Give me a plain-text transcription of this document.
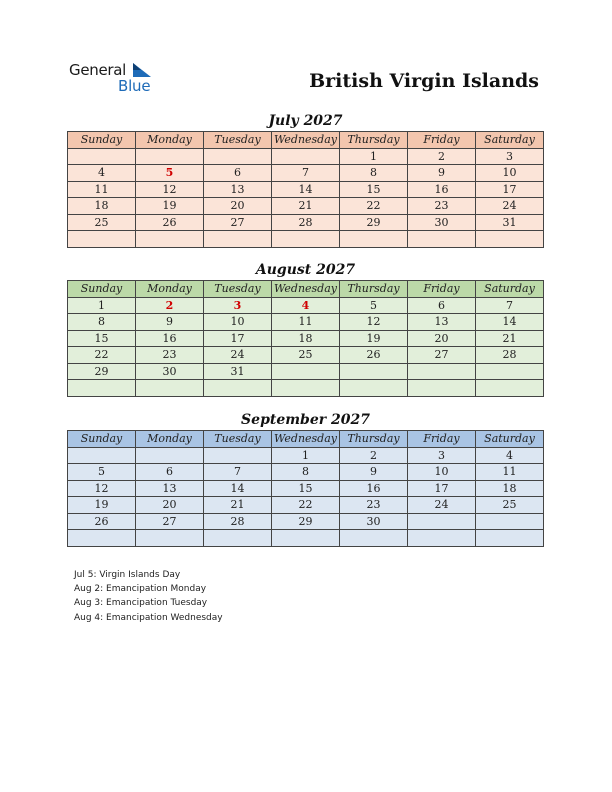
General
Blue	British Virgin Islands
July 2027
Sunday	Monday	Tuesday	Wednesday	Thursday	Friday	Saturday
				1	2	3
4	5	6	7	8	9	10
11	12	13	14	15	16	17
18	19	20	21	22	23	24
25	26	27	28	29	30	31

August 2027
Sunday	Monday	Tuesday	Wednesday	Thursday	Friday	Saturday
1	2	3	4	5	6	7
8	9	10	11	12	13	14
15	16	17	18	19	20	21
22	23	24	25	26	27	28
29	30	31				

September 2027
Sunday	Monday	Tuesday	Wednesday	Thursday	Friday	Saturday
			1	2	3	4
5	6	7	8	9	10	11
12	13	14	15	16	17	18
19	20	21	22	23	24	25
26	27	28	29	30		

Jul 5: Virgin Islands Day
Aug 2: Emancipation Monday
Aug 3: Emancipation Tuesday
Aug 4: Emancipation Wednesday
